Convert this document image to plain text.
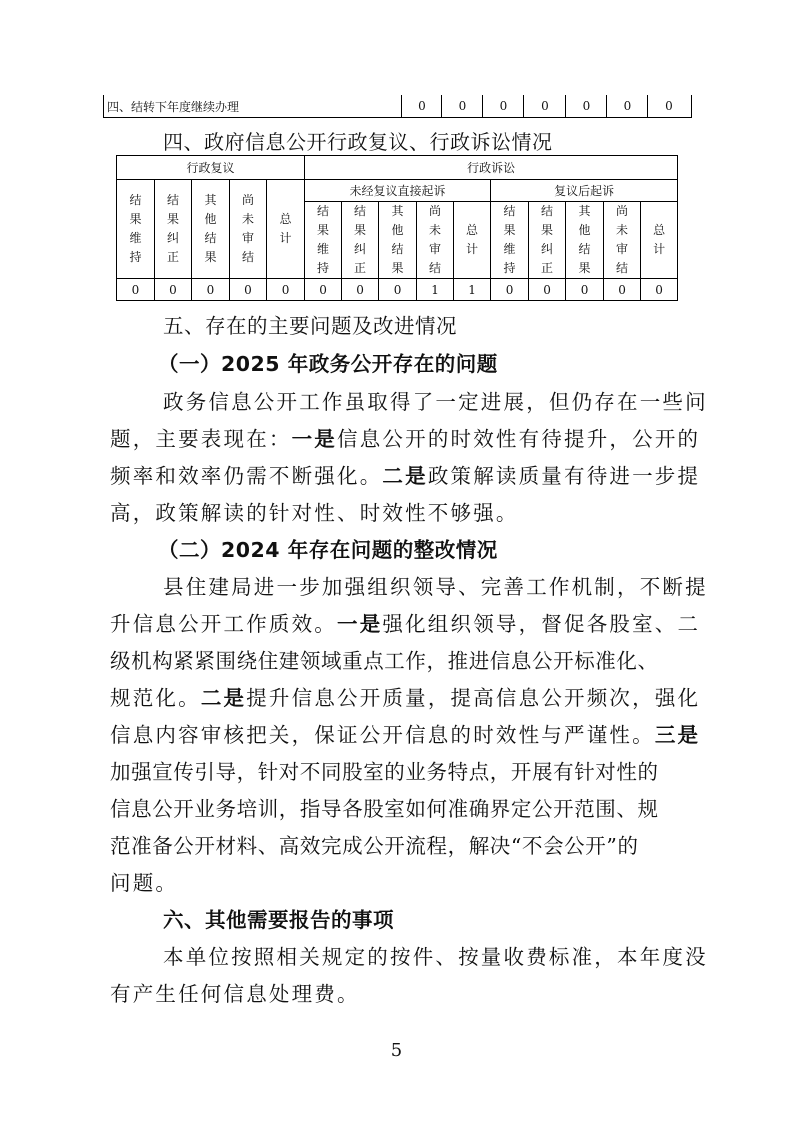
四、结转下年度继续办理	0	0	0	0	0	0	0
四、政府信息公开行政复议、行政诉讼情况
行政复议					行政诉讼									
结果维持	结果纠正	其他结果	尚未审结	总计	未经复议直接起诉					复议后起诉				
					结果维持	结果纠正	其他结果	尚未审结	总计	结果维持	结果纠正	其他结果	尚未审结	总计
0	0	0	0	0	0	0	0	1	1	0	0	0	0	0
五、存在的主要问题及改进情况
（一）2025 年政务公开存在的问题
政务信息公开工作虽取得了一定进展，但仍存在一些问
题，主要表现在：一是信息公开的时效性有待提升，公开的
频率和效率仍需不断强化。二是政策解读质量有待进一步提
高，政策解读的针对性、时效性不够强。
（二）2024 年存在问题的整改情况
县住建局进一步加强组织领导、完善工作机制，不断提
升信息公开工作质效。一是强化组织领导，督促各股室、二
级机构紧紧围绕住建领域重点工作，推进信息公开标准化、
规范化。二是提升信息公开质量，提高信息公开频次，强化
信息内容审核把关，保证公开信息的时效性与严谨性。三是
加强宣传引导，针对不同股室的业务特点，开展有针对性的
信息公开业务培训，指导各股室如何准确界定公开范围、规
范准备公开材料、高效完成公开流程，解决“不会公开”的
问题。
六、其他需要报告的事项
本单位按照相关规定的按件、按量收费标准，本年度没
有产生任何信息处理费。
5
